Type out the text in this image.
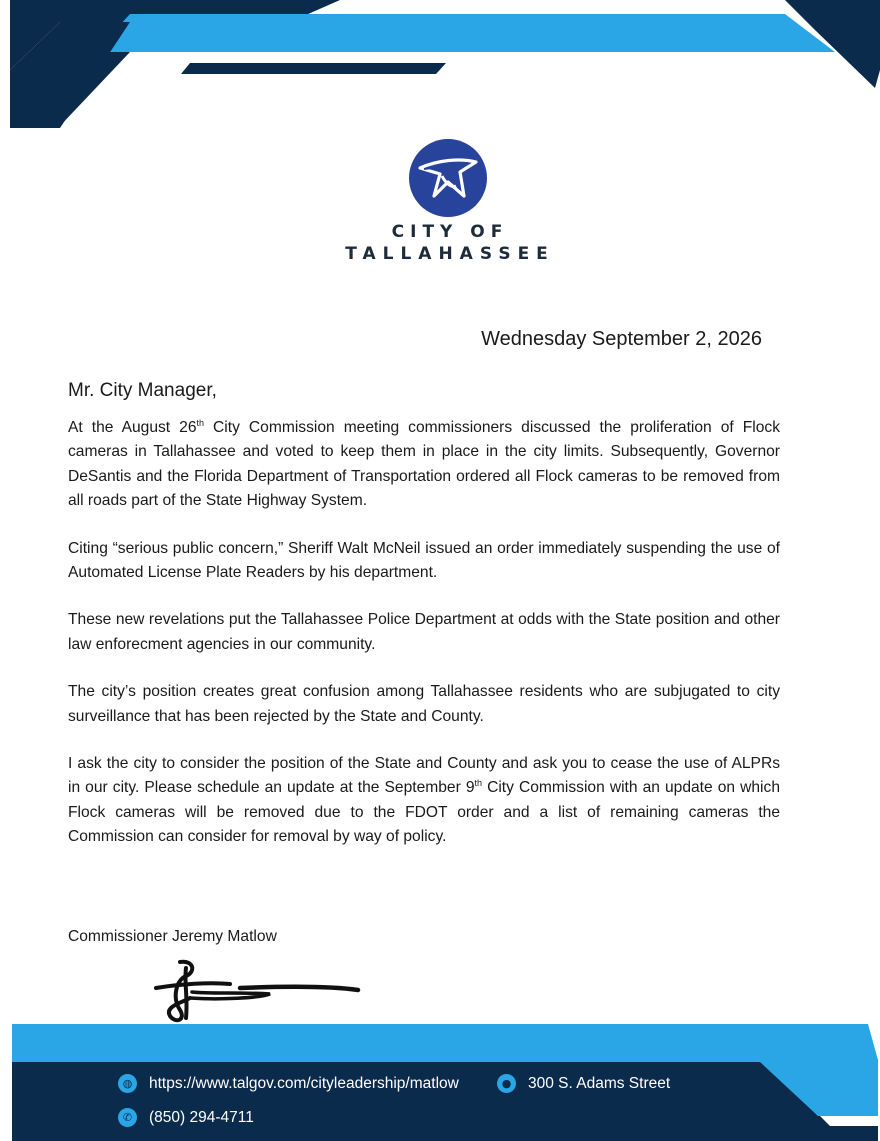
CITY OF
TALLAHASSEE
Wednesday September 2, 2026
Mr. City Manager,

At the August 26th City Commission meeting commissioners discussed the proliferation of Flock cameras in Tallahassee and voted to keep them in place in the city limits. Subsequently, Governor DeSantis and the Florida Department of Transportation ordered all Flock cameras to be removed from all roads part of the State Highway System.

Citing “serious public concern,” Sheriff Walt McNeil issued an order immediately suspending the use of Automated License Plate Readers by his department.

These new revelations put the Tallahassee Police Department at odds with the State position and other law enforecment agencies in our community.

The city’s position creates great confusion among Tallahassee residents who are subjugated to city surveillance that has been rejected by the State and County.

I ask the city to consider the position of the State and County and ask you to cease the use of ALPRs in our city. Please schedule an update at the September 9th City Commission with an update on which Flock cameras will be removed due to the FDOT order and a list of remaining cameras the Commission can consider for removal by way of policy.

Commissioner Jeremy Matlow
◍	https://www.talgov.com/cityleadership/matlow	●	300 S. Adams Street
✆	(850) 294-4711
